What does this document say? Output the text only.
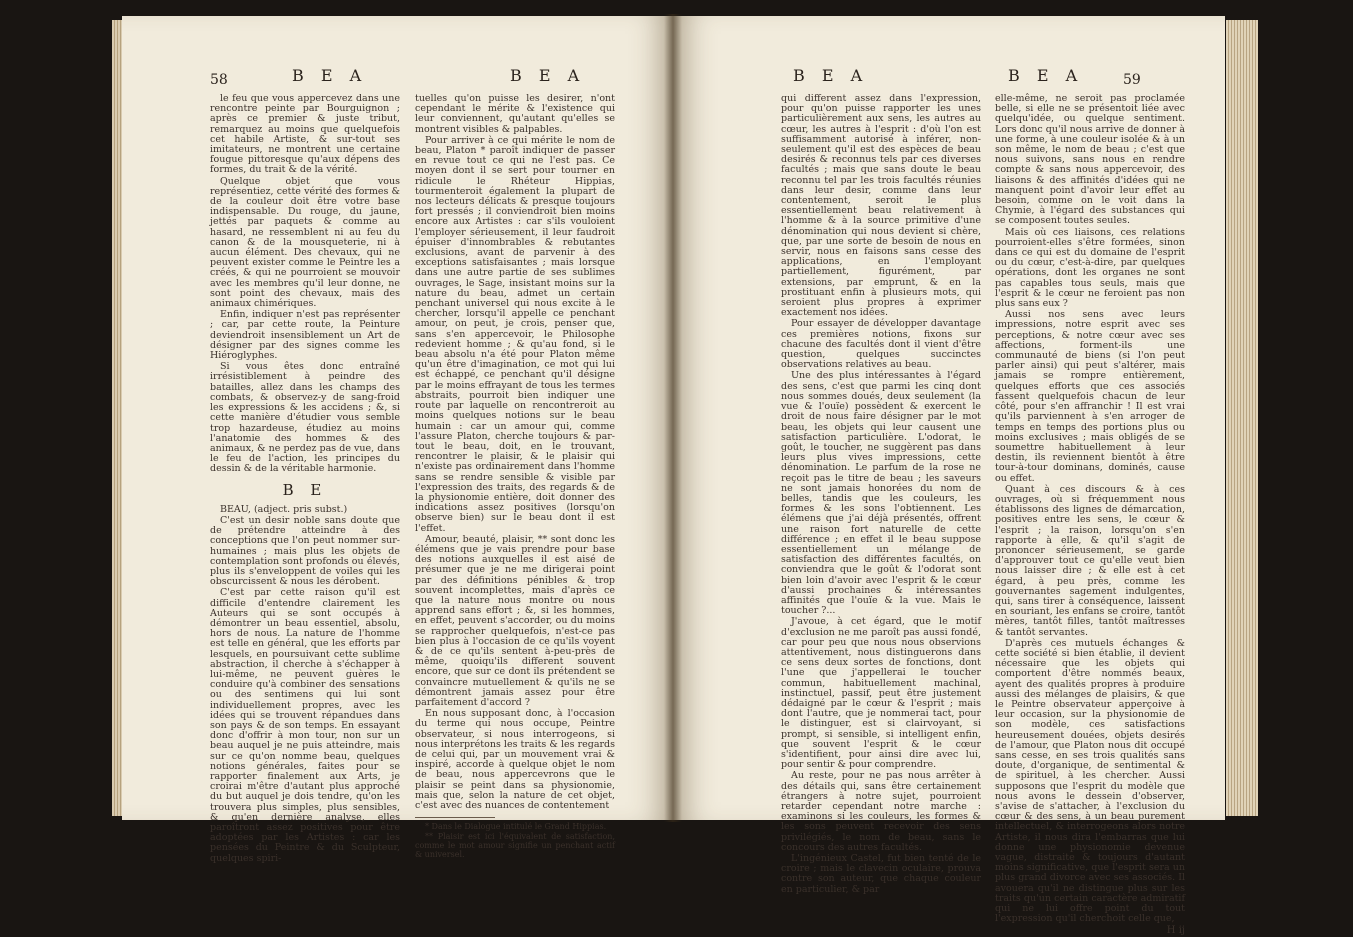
58	B E A	B E A

le feu que vous appercevez dans une rencontre peinte par Bourguignon ; après ce premier & juste tribut, remarquez au moins que quelquefois cet habile Artiste, & sur-tout ses imitateurs, ne montrent une certaine fougue pittoresque qu'aux dépens des formes, du trait & de la vérité.

Quelque objet que vous représentiez, cette vérité des formes & de la couleur doit être votre base indispensable. Du rouge, du jaune, jettés par paquets & comme au hasard, ne ressemblent ni au feu du canon & de la mousqueterie, ni à aucun élément. Des chevaux, qui ne peuvent exister comme le Peintre les a créés, & qui ne pourroient se mouvoir avec les membres qu'il leur donne, ne sont point des chevaux, mais des animaux chimériques.

Enfin, indiquer n'est pas représenter ; car, par cette route, la Peinture deviendroit insensiblement un Art de désigner par des signes comme les Hiéroglyphes.

Si vous êtes donc entraîné irrésistiblement à peindre des batailles, allez dans les champs des combats, & observez-y de sang-froid les expressions & les accidens ; &, si cette manière d'étudier vous semble trop hazardeuse, étudiez au moins l'anatomie des hommes & des animaux, & ne perdez pas de vue, dans le feu de l'action, les principes du dessin & de la véritable harmonie.

B E

BEAU, (adject. pris subst.)

C'est un desir noble sans doute que de prétendre atteindre à des conceptions que l'on peut nommer sur-humaines ; mais plus les objets de contemplation sont profonds ou élevés, plus ils s'enveloppent de voiles qui les obscurcissent & nous les dérobent.

C'est par cette raison qu'il est difficile d'entendre clairement les Auteurs qui se sont occupés à démontrer un beau essentiel, absolu, hors de nous. La nature de l'homme est telle en général, que les efforts par lesquels, en poursuivant cette sublime abstraction, il cherche à s'échapper à lui-même, ne peuvent guères le conduire qu'à combiner des sensations ou des sentimens qui lui sont individuellement propres, avec les idées qui se trouvent répandues dans son pays & de son temps. En essayant donc d'offrir à mon tour, non sur un beau auquel je ne puis atteindre, mais sur ce qu'on nomme beau, quelques notions générales, faites pour se rapporter finalement aux Arts, je croirai m'être d'autant plus approché du but auquel je dois tendre, qu'on les trouvera plus simples, plus sensibles, & qu'en dernière analyse, elles paroîtront assez positives pour être adoptées par les Artistes : car les pensées du Peintre & du Sculpteur, quelques spiri-

tuelles qu'on puisse les desirer, n'ont cependant le mérite & l'existence qui leur conviennent, qu'autant qu'elles se montrent visibles & palpables.

Pour arriver à ce qui mérite le nom de beau, Platon * paroît indiquer de passer en revue tout ce qui ne l'est pas. Ce moyen dont il se sert pour tourner en ridicule le Rhéteur Hippias, tourmenteroit également la plupart de nos lecteurs délicats & presque toujours fort pressés ; il conviendroit bien moins encore aux Artistes : car s'ils vouloient l'employer sérieusement, il leur faudroit épuiser d'innombrables & rebutantes exclusions, avant de parvenir à des exceptions satisfaisantes ; mais lorsque dans une autre partie de ses sublimes ouvrages, le Sage, insistant moins sur la nature du beau, admet un certain penchant universel qui nous excite à le chercher, lorsqu'il appelle ce penchant amour, on peut, je crois, penser que, sans s'en appercevoir, le Philosophe redevient homme ; & qu'au fond, si le beau absolu n'a été pour Platon même qu'un être d'imagination, ce mot qui lui est échappé, ce penchant qu'il désigne par le moins effrayant de tous les termes abstraits, pourroit bien indiquer une route par laquelle on rencontreroit au moins quelques notions sur le beau humain : car un amour qui, comme l'assure Platon, cherche toujours & par-tout le beau, doit, en le trouvant, rencontrer le plaisir, & le plaisir qui n'existe pas ordinairement dans l'homme sans se rendre sensible & visible par l'expression des traits, des regards & de la physionomie entière, doit donner des indications assez positives (lorsqu'on observe bien) sur le beau dont il est l'effet.

Amour, beauté, plaisir, ** sont donc les élémens que je vais prendre pour base des notions auxquelles il est aisé de présumer que je ne me dirigerai point par des définitions pénibles & trop souvent incomplettes, mais d'après ce que la nature nous montre ou nous apprend sans effort ; &, si les hommes, en effet, peuvent s'accorder, ou du moins se rapprocher quelquefois, n'est-ce pas bien plus à l'occasion de ce qu'ils voyent & de ce qu'ils sentent à-peu-près de même, quoiqu'ils different souvent encore, que sur ce dont ils prétendent se convaincre mutuellement & qu'ils ne se démontrent jamais assez pour être parfaitement d'accord ?

En nous supposant donc, à l'occasion du terme qui nous occupe, Peintre observateur, si nous interrogeons, si nous interprétons les traits & les regards de celui qui, par un mouvement vrai & inspiré, accorde à quelque objet le nom de beau, nous appercevrons que le plaisir se peint dans sa physionomie, mais que, selon la nature de cet objet, c'est avec des nuances de contentement

* Dans le Dialogue intitulé le Grand Hippias.

** Plaisir est ici l'équivalent de satisfaction, comme le mot amour signifie un penchant actif & universel.

B E A	B E A	59

qui different assez dans l'expression, pour qu'on puisse rapporter les unes particulièrement aux sens, les autres au cœur, les autres à l'esprit : d'où l'on est suffisamment autorisé à inférer, non-seulement qu'il est des espèces de beau desirés & reconnus tels par ces diverses facultés ; mais que sans doute le beau reconnu tel par les trois facultés réunies dans leur desir, comme dans leur contentement, seroit le plus essentiellement beau relativement à l'homme & à la source primitive d'une dénomination qui nous devient si chère, que, par une sorte de besoin de nous en servir, nous en faisons sans cesse des applications, en l'employant partiellement, figurément, par extensions, par emprunt, & en la prostituant enfin à plusieurs mots, qui seroient plus propres à exprimer exactement nos idées.

Pour essayer de développer davantage ces premières notions, fixons sur chacune des facultés dont il vient d'être question, quelques succinctes observations relatives au beau.

Une des plus intéressantes à l'égard des sens, c'est que parmi les cinq dont nous sommes doués, deux seulement (la vue & l'ouïe) possèdent & exercent le droit de nous faire désigner par le mot beau, les objets qui leur causent une satisfaction particulière. L'odorat, le goût, le toucher, ne suggèrent pas dans leurs plus vives impressions, cette dénomination. Le parfum de la rose ne reçoit pas le titre de beau ; les saveurs ne sont jamais honorées du nom de belles, tandis que les couleurs, les formes & les sons l'obtiennent. Les élémens que j'ai déjà présentés, offrent une raison fort naturelle de cette différence ; en effet il le beau suppose essentiellement un mélange de satisfaction des différentes facultés, on conviendra que le goût & l'odorat sont bien loin d'avoir avec l'esprit & le cœur d'aussi prochaines & intéressantes affinités que l'ouïe & la vue. Mais le toucher ?...

J'avoue, à cet égard, que le motif d'exclusion ne me paroît pas aussi fondé, car pour peu que nous nous observions attentivement, nous distinguerons dans ce sens deux sortes de fonctions, dont l'une que j'appellerai le toucher commun, habituellement machinal, instinctuel, passif, peut être justement dédaigné par le cœur & l'esprit ; mais dont l'autre, que je nommerai tact, pour le distinguer, est si clairvoyant, si prompt, si sensible, si intelligent enfin, que souvent l'esprit & le cœur s'identifient, pour ainsi dire avec lui, pour sentir & pour comprendre.

Au reste, pour ne pas nous arrêter à des détails qui, sans être certainement étrangers à notre sujet, pourroient retarder cependant notre marche : examinons si les couleurs, les formes & les sons peuvent recevoir des sens privilégiés, le nom de beau, sans le concours des autres facultés.

L'ingénieux Castel, fut bien tenté de le croire ; mais le clavecin oculaire, prouva contre son auteur, que chaque couleur en particulier, & par

elle-même, ne seroit pas proclamée belle, si elle ne se présentoit liée avec quelqu'idée, ou quelque sentiment. Lors donc qu'il nous arrive de donner à une forme, à une couleur isolée & à un son même, le nom de beau ; c'est que nous suivons, sans nous en rendre compte & sans nous appercevoir, des liaisons & des affinités d'idées qui ne manquent point d'avoir leur effet au besoin, comme on le voit dans la Chymie, à l'égard des substances qui se composent toutes seules.

Mais où ces liaisons, ces relations pourroient-elles s'être formées, sinon dans ce qui est du domaine de l'esprit ou du cœur, c'est-à-dire, par quelques opérations, dont les organes ne sont pas capables tous seuls, mais que l'esprit & le cœur ne feroient pas non plus sans eux ?

Aussi nos sens avec leurs impressions, notre esprit avec ses perceptions, & notre cœur avec ses affections, forment-ils une communauté de biens (si l'on peut parler ainsi) qui peut s'altérer, mais jamais se rompre entièrement, quelques efforts que ces associés fassent quelquefois chacun de leur côté, pour s'en affranchir ! Il est vrai qu'ils parviennent à s'en arroger de temps en temps des portions plus ou moins exclusives ; mais obligés de se soumettre habituellement à leur destin, ils reviennent bientôt à être tour-à-tour dominans, dominés, cause ou effet.

Quant à ces discours & à ces ouvrages, où si fréquemment nous établissons des lignes de démarcation, positives entre les sens, le cœur & l'esprit ; la raison, lorsqu'on s'en rapporte à elle, & qu'il s'agit de prononcer sérieusement, se garde d'approuver tout ce qu'elle veut bien nous laisser dire ; & elle est à cet égard, à peu près, comme les gouvernantes sagement indulgentes, qui, sans tirer à conséquence, laissent en souriant, les enfans se croire, tantôt mères, tantôt filles, tantôt maîtresses & tantôt servantes.

D'après ces mutuels échanges & cette société si bien établie, il devient nécessaire que les objets qui comportent d'être nommés beaux, ayent des qualités propres à produire aussi des mélanges de plaisirs, & que le Peintre observateur apperçoive à leur occasion, sur la physionomie de son modèle, ces satisfactions heureusement douées, objets desirés de l'amour, que Platon nous dit occupé sans cesse, en ses trois qualités sans doute, d'organique, de sentimental & de spirituel, à les chercher. Aussi supposons que l'esprit du modèle que nous avons le dessein d'observer, s'avise de s'attacher, à l'exclusion du cœur & des sens, à un beau purement intellectuel, & interrogeons alors notre Artiste, il nous dira l'embarras que lui donne une physionomie devenue vague, distraite & toujours d'autant moins significative, que l'esprit sera un plus grand divorce avec ses associés. Il avouera qu'il ne distingue plus sur les traits qu'un certain caractère admiratif qui ne lui offre point du tout l'expression qu'il cherchoit celle que,

H ij
